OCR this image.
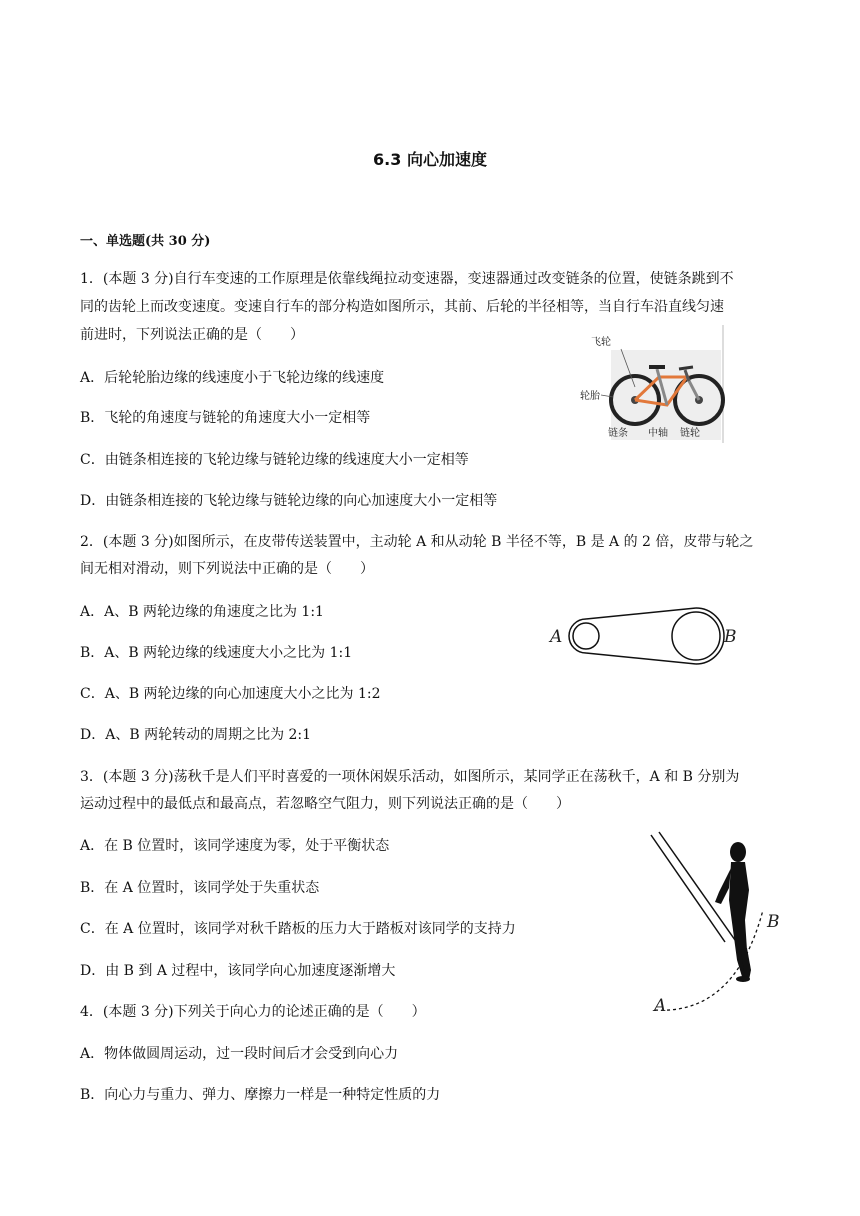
6.3 向心加速度
一、单选题(共 30 分)
1．(本题 3 分)自行车变速的工作原理是依靠线绳拉动变速器，变速器通过改变链条的位置，使链条跳到不
同的齿轮上而改变速度。变速自行车的部分构造如图所示，其前、后轮的半径相等，当自行车沿直线匀速
前进时，下列说法正确的是（　　）
A．后轮轮胎边缘的线速度小于飞轮边缘的线速度
B．飞轮的角速度与链轮的角速度大小一定相等
C．由链条相连接的飞轮边缘与链轮边缘的线速度大小一定相等
D．由链条相连接的飞轮边缘与链轮边缘的向心加速度大小一定相等
飞轮
轮胎
链条 中轴 链轮
2．(本题 3 分)如图所示，在皮带传送装置中，主动轮 A 和从动轮 B 半径不等，B 是 A 的 2 倍，皮带与轮之
间无相对滑动，则下列说法中正确的是（　　）
A．A、B 两轮边缘的角速度之比为 1:1
B．A、B 两轮边缘的线速度大小之比为 1:1
C．A、B 两轮边缘的向心加速度大小之比为 1:2
D．A、B 两轮转动的周期之比为 2:1
A	B
3．(本题 3 分)荡秋千是人们平时喜爱的一项休闲娱乐活动，如图所示，某同学正在荡秋千，A 和 B 分别为
运动过程中的最低点和最高点，若忽略空气阻力，则下列说法正确的是（　　）
A．在 B 位置时，该同学速度为零，处于平衡状态
B．在 A 位置时，该同学处于失重状态
C．在 A 位置时，该同学对秋千踏板的压力大于踏板对该同学的支持力
D．由 B 到 A 过程中，该同学向心加速度逐渐增大
A
B
4．(本题 3 分)下列关于向心力的论述正确的是（　　）
A．物体做圆周运动，过一段时间后才会受到向心力
B．向心力与重力、弹力、摩擦力一样是一种特定性质的力
